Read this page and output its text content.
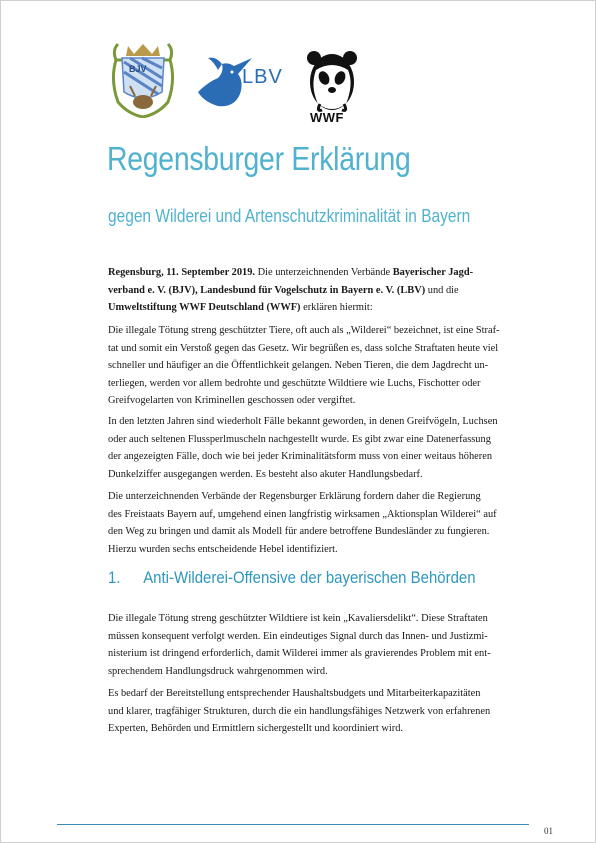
BJV	LBV
WWF
Regensburger Erklärung
gegen Wilderei und Artenschutzkriminalität in Bayern

Regensburg, 11. September 2019. Die unterzeichnenden Verbände Bayerischer Jagd-
verband e. V. (BJV), Landesbund für Vogelschutz in Bayern e. V. (LBV) und die
Umweltstiftung WWF Deutschland (WWF) erklären hiermit:

Die illegale Tötung streng geschützter Tiere, oft auch als „Wilderei“ bezeichnet, ist eine Straf-
tat und somit ein Verstoß gegen das Gesetz. Wir begrüßen es, dass solche Straftaten heute viel
schneller und häufiger an die Öffentlichkeit gelangen. Neben Tieren, die dem Jagdrecht un-
terliegen, werden vor allem bedrohte und geschützte Wildtiere wie Luchs, Fischotter oder
Greifvogelarten von Kriminellen geschossen oder vergiftet.

In den letzten Jahren sind wiederholt Fälle bekannt geworden, in denen Greifvögeln, Luchsen
oder auch seltenen Flussperlmuscheln nachgestellt wurde. Es gibt zwar eine Datenerfassung
der angezeigten Fälle, doch wie bei jeder Kriminalitätsform muss von einer weitaus höheren
Dunkelziffer ausgegangen werden. Es besteht also akuter Handlungsbedarf.

Die unterzeichnenden Verbände der Regensburger Erklärung fordern daher die Regierung
des Freistaats Bayern auf, umgehend einen langfristig wirksamen „Aktionsplan Wilderei“ auf
den Weg zu bringen und damit als Modell für andere betroffene Bundesländer zu fungieren.
Hierzu wurden sechs entscheidende Hebel identifiziert.

1. Anti-Wilderei-Offensive der bayerischen Behörden

Die illegale Tötung streng geschützter Wildtiere ist kein „Kavaliersdelikt“. Diese Straftaten
müssen konsequent verfolgt werden. Ein eindeutiges Signal durch das Innen- und Justizmi-
nisterium ist dringend erforderlich, damit Wilderei immer als gravierendes Problem mit ent-
sprechendem Handlungsdruck wahrgenommen wird.

Es bedarf der Bereitstellung entsprechender Haushaltsbudgets und Mitarbeiterkapazitäten
und klarer, tragfähiger Strukturen, durch die ein handlungsfähiges Netzwerk von erfahrenen
Experten, Behörden und Ermittlern sichergestellt und koordiniert wird.

01
